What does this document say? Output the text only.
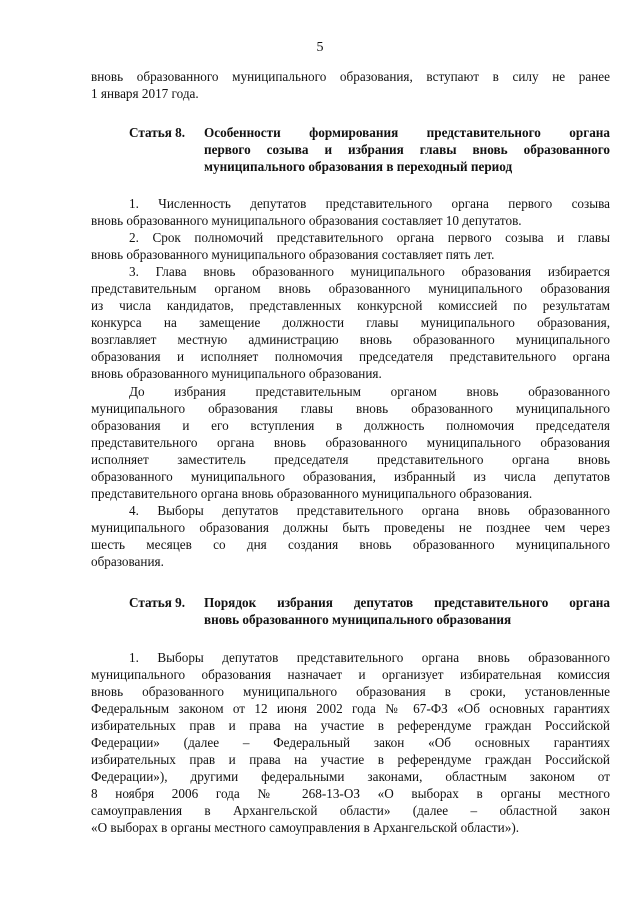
5
вновь образованного муниципального образования, вступают в силу не ранее
1 января 2017 года.
Статья 8.	Особенности формирования представительного органа
первого созыва и избрания главы вновь образованного
муниципального образования в переходный период
1. Численность депутатов представительного органа первого созыва
вновь образованного муниципального образования составляет 10 депутатов.
2. Срок полномочий представительного органа первого созыва и главы
вновь образованного муниципального образования составляет пять лет.
3. Глава вновь образованного муниципального образования избирается
представительным органом вновь образованного муниципального образования
из числа кандидатов, представленных конкурсной комиссией по результатам
конкурса на замещение должности главы муниципального образования,
возглавляет местную администрацию вновь образованного муниципального
образования и исполняет полномочия председателя представительного органа
вновь образованного муниципального образования.
До избрания представительным органом вновь образованного
муниципального образования главы вновь образованного муниципального
образования и его вступления в должность полномочия председателя
представительного органа вновь образованного муниципального образования
исполняет заместитель председателя представительного органа вновь
образованного муниципального образования, избранный из числа депутатов
представительного органа вновь образованного муниципального образования.
4. Выборы депутатов представительного органа вновь образованного
муниципального образования должны быть проведены не позднее чем через
шесть месяцев со дня создания вновь образованного муниципального
образования.
Статья 9.	Порядок избрания депутатов представительного органа
вновь образованного муниципального образования
1. Выборы депутатов представительного органа вновь образованного
муниципального образования назначает и организует избирательная комиссия
вновь образованного муниципального образования в сроки, установленные
Федеральным законом от 12 июня 2002 года № 67-ФЗ «Об основных гарантиях
избирательных прав и права на участие в референдуме граждан Российской
Федерации» (далее – Федеральный закон «Об основных гарантиях
избирательных прав и права на участие в референдуме граждан Российской
Федерации»), другими федеральными законами, областным законом от
8 ноября 2006 года № 268-13-ОЗ «О выборах в органы местного
самоуправления в Архангельской области» (далее – областной закон
«О выборах в органы местного самоуправления в Архангельской области»).
